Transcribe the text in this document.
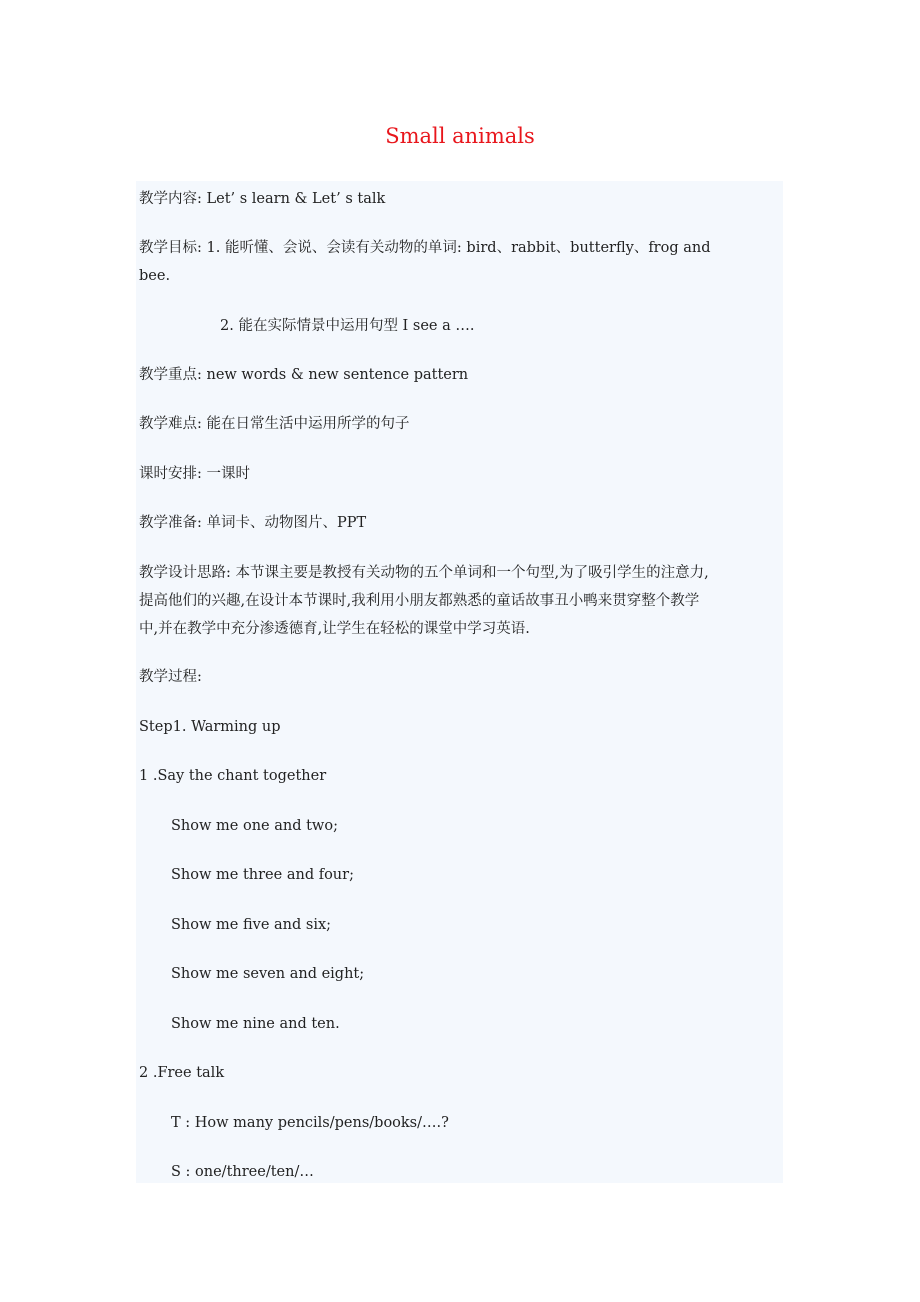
Small animals
教学内容: Let’ s learn & Let’ s talk
教学目标: 1. 能听懂、会说、会读有关动物的单词: bird、rabbit、butterfly、frog and
bee.
2. 能在实际情景中运用句型 I see a ….
教学重点: new words & new sentence pattern
教学难点: 能在日常生活中运用所学的句子
课时安排: 一课时
教学准备: 单词卡、动物图片、PPT
教学设计思路: 本节课主要是教授有关动物的五个单词和一个句型,为了吸引学生的注意力,
提高他们的兴趣,在设计本节课时,我利用小朋友都熟悉的童话故事丑小鸭来贯穿整个教学
中,并在教学中充分渗透德育,让学生在轻松的课堂中学习英语.
教学过程:
Step1. Warming up
1 .Say the chant together
Show me one and two;
Show me three and four;
Show me five and six;
Show me seven and eight;
Show me nine and ten.
2 .Free talk
T : How many pencils/pens/books/….?
S : one/three/ten/…
